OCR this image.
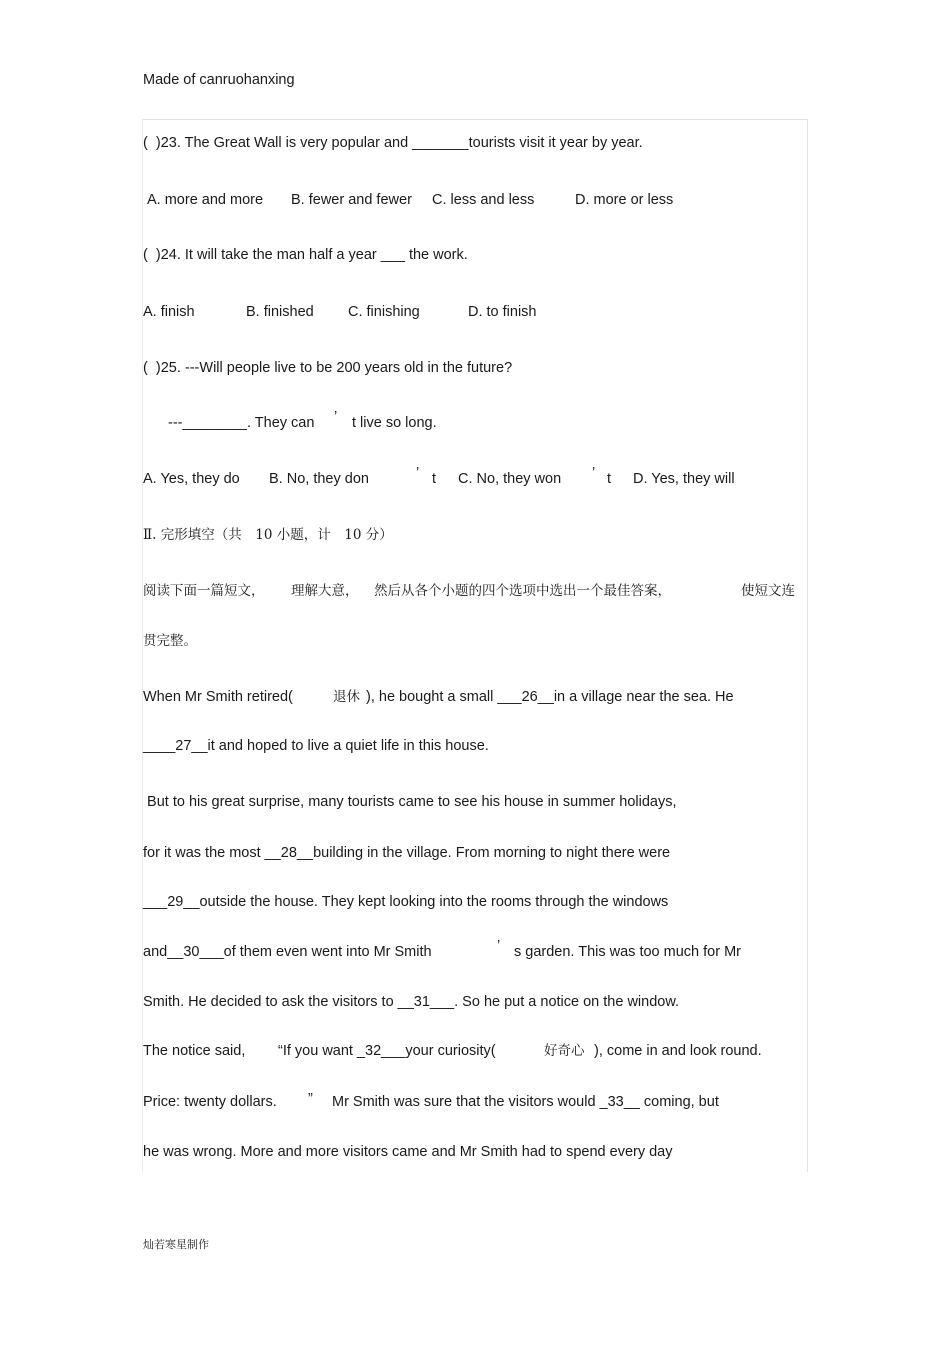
Made of canruohanxing
(  )23. The Great Wall is very popular and _______tourists visit it year by year.
A. more and more B. fewer and fewer C. less and less	D. more or less
(  )24. It will take the man half a year ___ the work.
A. finish	B. finished C. finishing	D. to finish
(  )25. ---Will people live to be 200 years old in the future?
---________. They can ’ t live so long.
A. Yes, they do B. No, they don	’ t C. No, they won ’ t D. Yes, they will
Ⅱ. 完形填空（共　10 小题，计　10 分）
阅读下面一篇短文， 理解大意， 然后从各个小题的四个选项中选出一个最佳答案，	使短文连
贯完整。
When Mr Smith retired(	退休 ), he bought a small ___26__in a village near the sea. He
____27__it and hoped to live a quiet life in this house.
But to his great surprise, many tourists came to see his house in summer holidays,
for it was the most __28__building in the village. From morning to night there were
___29__outside the house. They kept looking into the rooms through the windows
and__30___of them even went into Mr Smith	’ s garden. This was too much for Mr
Smith. He decided to ask the visitors to __31___. So he put a notice on the window.
The notice said, “If you want _32___your curiosity(	好奇心 ), come in and look round.
Price: twenty dollars. ” Mr Smith was sure that the visitors would _33__ coming, but
he was wrong. More and more visitors came and Mr Smith had to spend every day
灿若寒星制作
